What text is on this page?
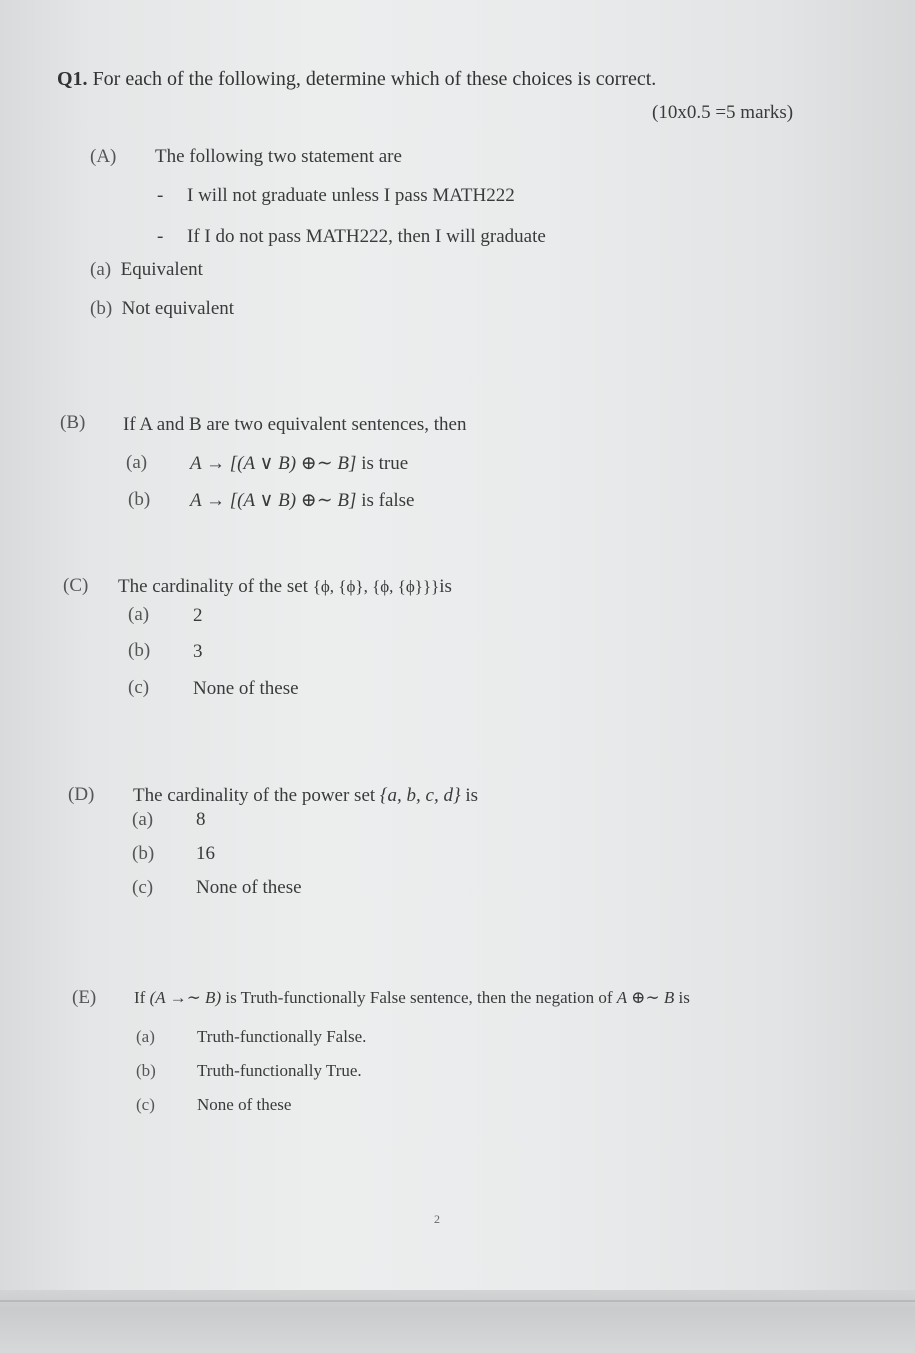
Q1. For each of the following, determine which of these choices is correct.
(10x0.5 =5 marks)
(A) The following two statement are
- I will not graduate unless I pass MATH222
- If I do not pass MATH222, then I will graduate
(a) Equivalent
(b) Not equivalent
(B) If A and B are two equivalent sentences, then
(a) A → [(A ∨ B) ⊕∼ B] is true
(b) A → [(A ∨ B) ⊕∼ B] is false
(C) The cardinality of the set {ϕ, {ϕ}, {ϕ, {ϕ}}}is
(a) 2
(b) 3
(c) None of these
(D) The cardinality of the power set {a, b, c, d} is
(a) 8
(b) 16
(c) None of these
(E) If (A →∼ B) is Truth-functionally False sentence, then the negation of A ⊕∼ B is
(a) Truth-functionally False.
(b) Truth-functionally True.
(c) None of these
2
